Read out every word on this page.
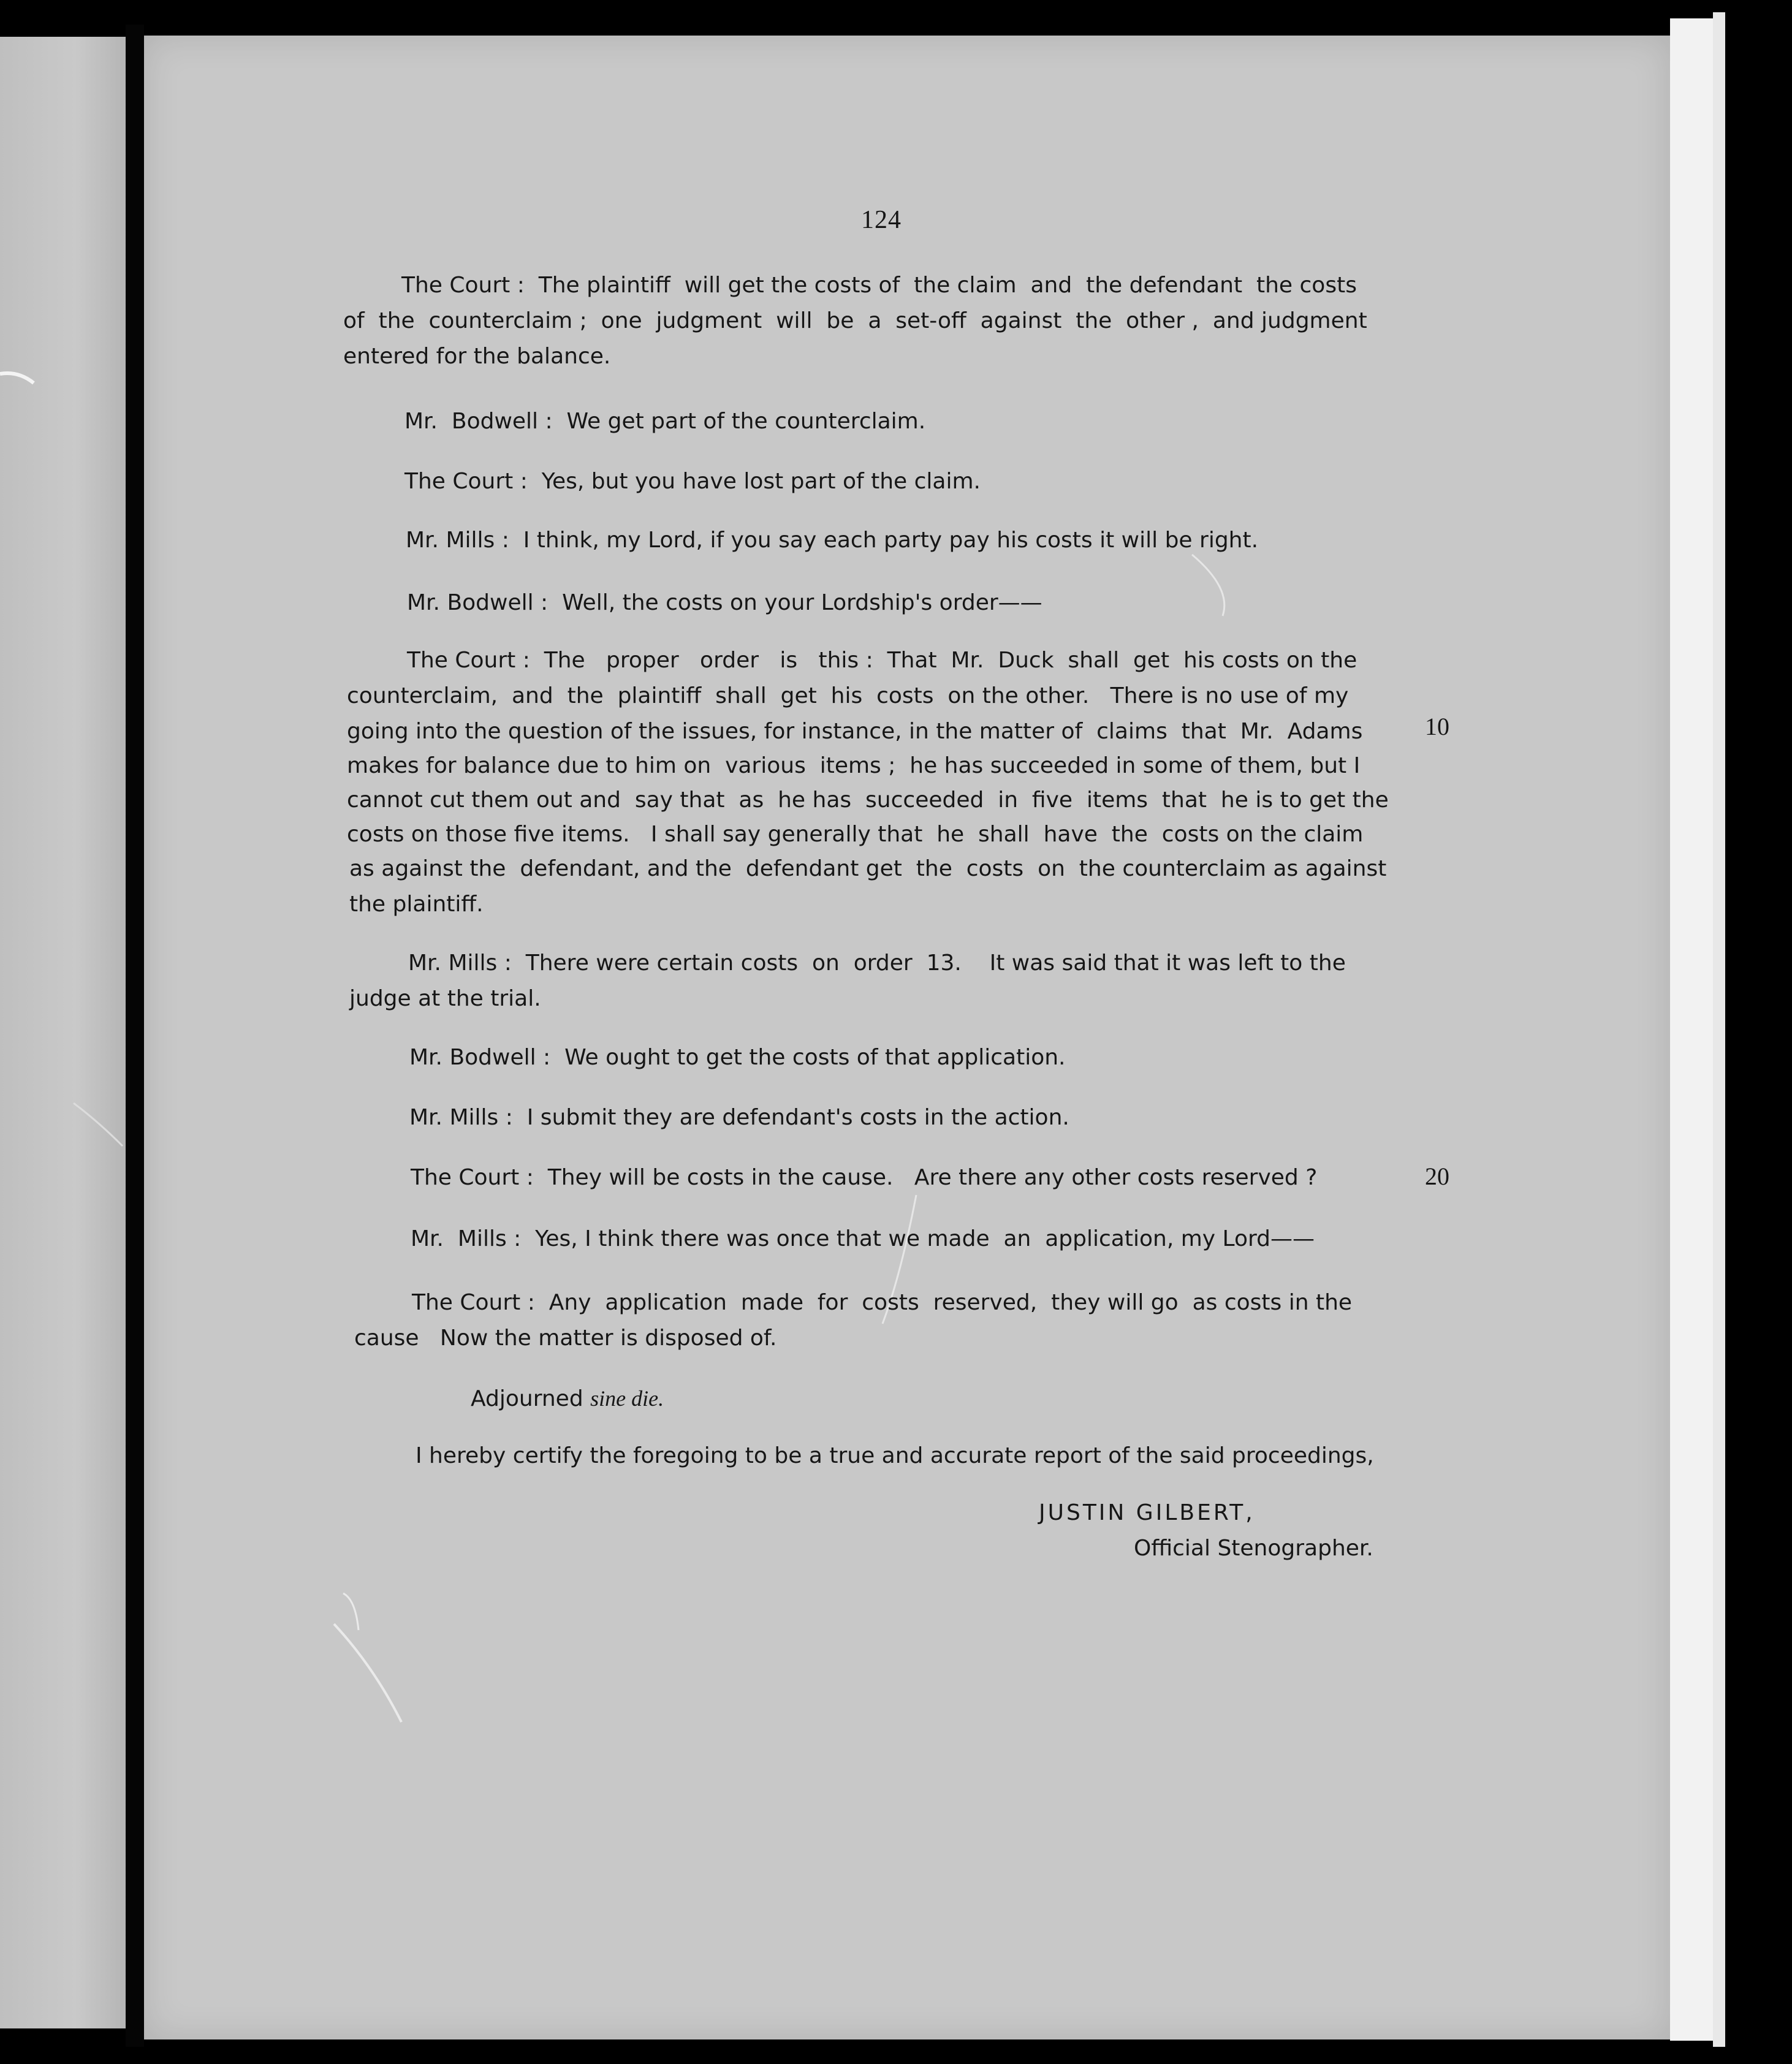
124
The Court :  The plaintiff  will get the costs of  the claim  and  the defendant  the costs
of  the  counterclaim ;  one  judgment  will  be  a  set-off  against  the  other ,  and judgment
entered for the balance.
Mr.  Bodwell :  We get part of the counterclaim.
The Court :  Yes, but you have lost part of the claim.
Mr. Mills :  I think, my Lord, if you say each party pay his costs it will be right.
Mr. Bodwell :  Well, the costs on your Lordship's order——
The Court :  The   proper   order   is   this :  That  Mr.  Duck  shall  get  his costs on the
counterclaim,  and  the  plaintiff  shall  get  his  costs  on the other.   There is no use of my
going into the question of the issues, for instance, in the matter of  claims  that  Mr.  Adams
makes for balance due to him on  various  items ;  he has succeeded in some of them, but I
cannot cut them out and  say that  as  he has  succeeded  in  five  items  that  he is to get the
costs on those five items.   I shall say generally that  he  shall  have  the  costs on the claim
as against the  defendant, and the  defendant get  the  costs  on  the counterclaim as against
the plaintiff.
10
Mr. Mills :  There were certain costs  on  order  13.    It was said that it was left to the
judge at the trial.
Mr. Bodwell :  We ought to get the costs of that application.
Mr. Mills :  I submit they are defendant's costs in the action.
The Court :  They will be costs in the cause.   Are there any other costs reserved ?	20
Mr.  Mills :  Yes, I think there was once that we made  an  application, my Lord——
The Court :  Any  application  made  for  costs  reserved,  they will go  as costs in the
cause   Now the matter is disposed of.
Adjourned sine die.
I hereby certify the foregoing to be a true and accurate report of the said proceedings,
JUSTIN GILBERT,
Official Stenographer.
